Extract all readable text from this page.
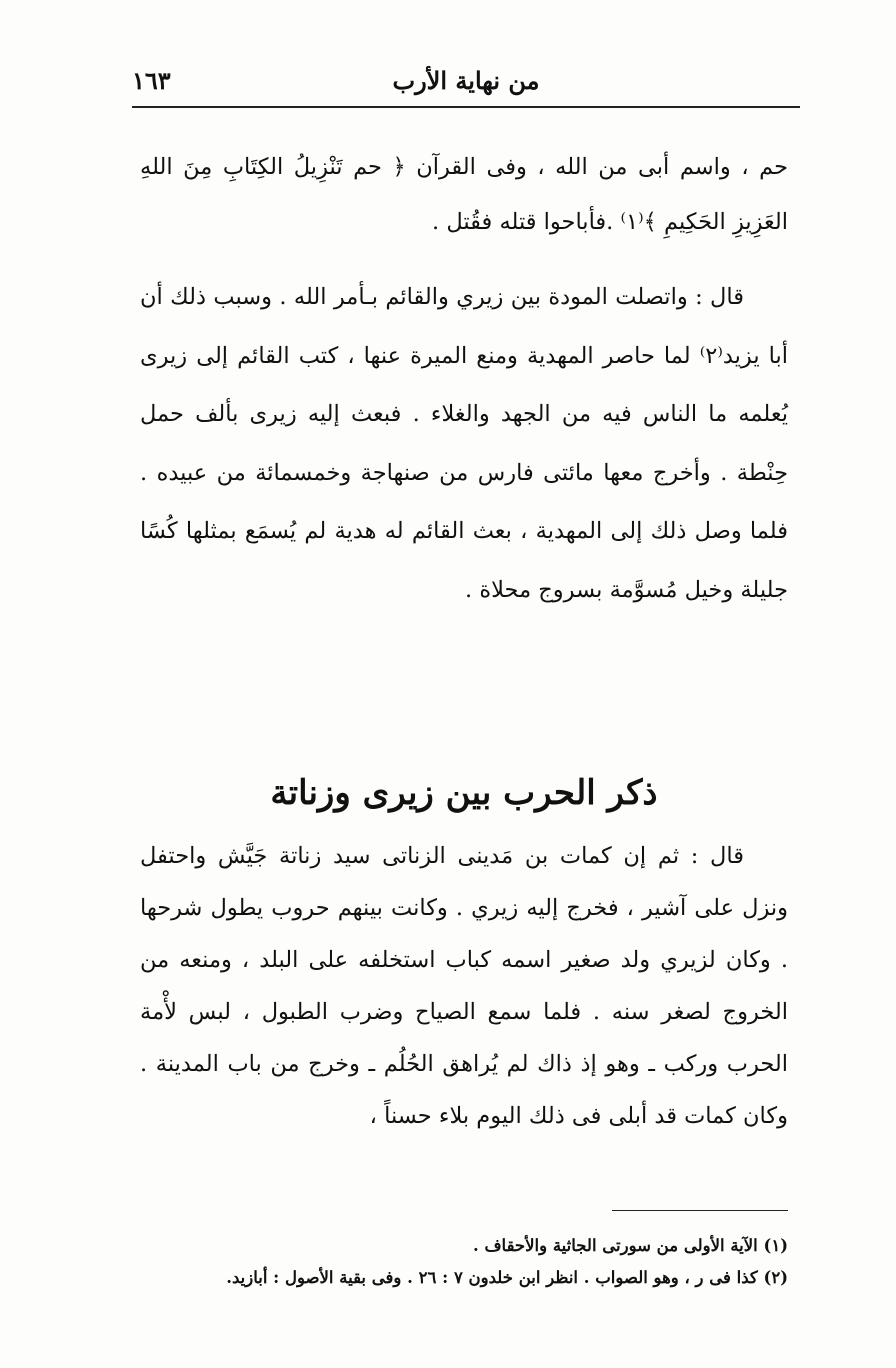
من نهاية الأرب
١٦٣

حم ، واسم أبى من الله ، وفى القرآن ﴿ حم تَنْزِيلُ الكِتَابِ مِنَ اللهِ العَزِيزِ الحَكِيمِ ﴾⁽١⁾ .فأباحوا قتله فقُتل .

قال : واتصلت المودة بين زيري والقائم بـأمر الله . وسبب ذلك أن أبا يزيد⁽٢⁾ لما حاصر المهدية ومنع الميرة عنها ، كتب القائم إلى زيرى يُعلمه ما الناس فيه من الجهد والغلاء . فبعث إليه زيرى بألف حمل حِنْطة . وأخرج معها مائتى فارس من صنهاجة وخمسمائة من عبيده . فلما وصل ذلك إلى المهدية ، بعث القائم له هدية لم يُسمَع بمثلها كُسًا جليلة وخيل مُسوَّمة بسروج محلاة .

ذكر الحرب بين زيرى وزناتة

قال : ثم إن كمات بن مَدينى الزناتى سيد زناتة جَيَّش واحتفل ونزل على آشير ، فخرج إليه زيري . وكانت بينهم حروب يطول شرحها . وكان لزيري ولد صغير اسمه كباب استخلفه على البلد ، ومنعه من الخروج لصغر سنه . فلما سمع الصياح وضرب الطبول ، لبس لأْمة الحرب وركب ـ وهو إذ ذاك لم يُراهق الحُلُم ـ وخرج من باب المدينة . وكان كمات قد أبلى فى ذلك اليوم بلاء حسناً ،

(١) الآية الأولى من سورتى الجاثية والأحقاف .

(٢) كذا فى ر ، وهو الصواب . انظر ابن خلدون ٧ : ٢٦ . وفى بقية الأصول : أبازيد.
